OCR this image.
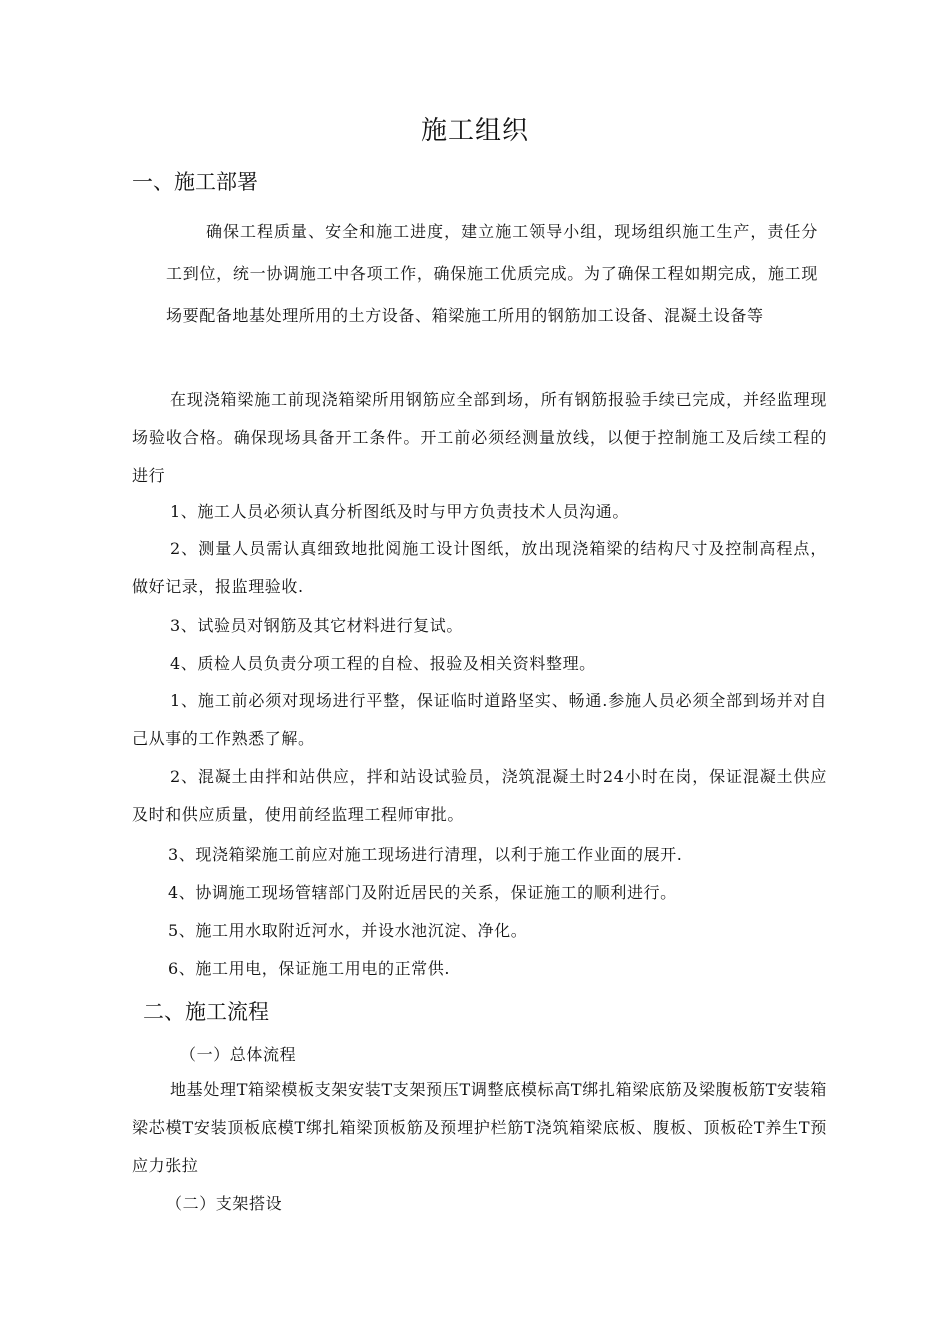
施工组织
一、施工部署
确保工程质量、安全和施工进度，建立施工领导小组，现场组织施工生产，责任分工到位，统一协调施工中各项工作，确保施工优质完成。为了确保工程如期完成，施工现场要配备地基处理所用的土方设备、箱梁施工所用的钢筋加工设备、混凝土设备等
在现浇箱梁施工前现浇箱梁所用钢筋应全部到场，所有钢筋报验手续已完成，并经监理现场验收合格。确保现场具备开工条件。开工前必须经测量放线，以便于控制施工及后续工程的进行
1、施工人员必须认真分析图纸及时与甲方负责技术人员沟通。
2、测量人员需认真细致地批阅施工设计图纸，放出现浇箱梁的结构尺寸及控制高程点，做好记录，报监理验收.
3、试验员对钢筋及其它材料进行复试。
4、质检人员负责分项工程的自检、报验及相关资料整理。
1、施工前必须对现场进行平整，保证临时道路坚实、畅通.参施人员必须全部到场并对自己从事的工作熟悉了解。
2、混凝土由拌和站供应，拌和站设试验员，浇筑混凝土时24小时在岗，保证混凝土供应及时和供应质量，使用前经监理工程师审批。
3、现浇箱梁施工前应对施工现场进行清理，以利于施工作业面的展开.
4、协调施工现场管辖部门及附近居民的关系，保证施工的顺利进行。
5、施工用水取附近河水，并设水池沉淀、净化。
6、施工用电，保证施工用电的正常供.
二、施工流程
（一）总体流程
地基处理T箱梁模板支架安装T支架预压T调整底模标高T绑扎箱梁底筋及梁腹板筋T安装箱梁芯模T安装顶板底模T绑扎箱梁顶板筋及预埋护栏筋T浇筑箱梁底板、腹板、顶板砼T养生T预应力张拉
（二）支架搭设
